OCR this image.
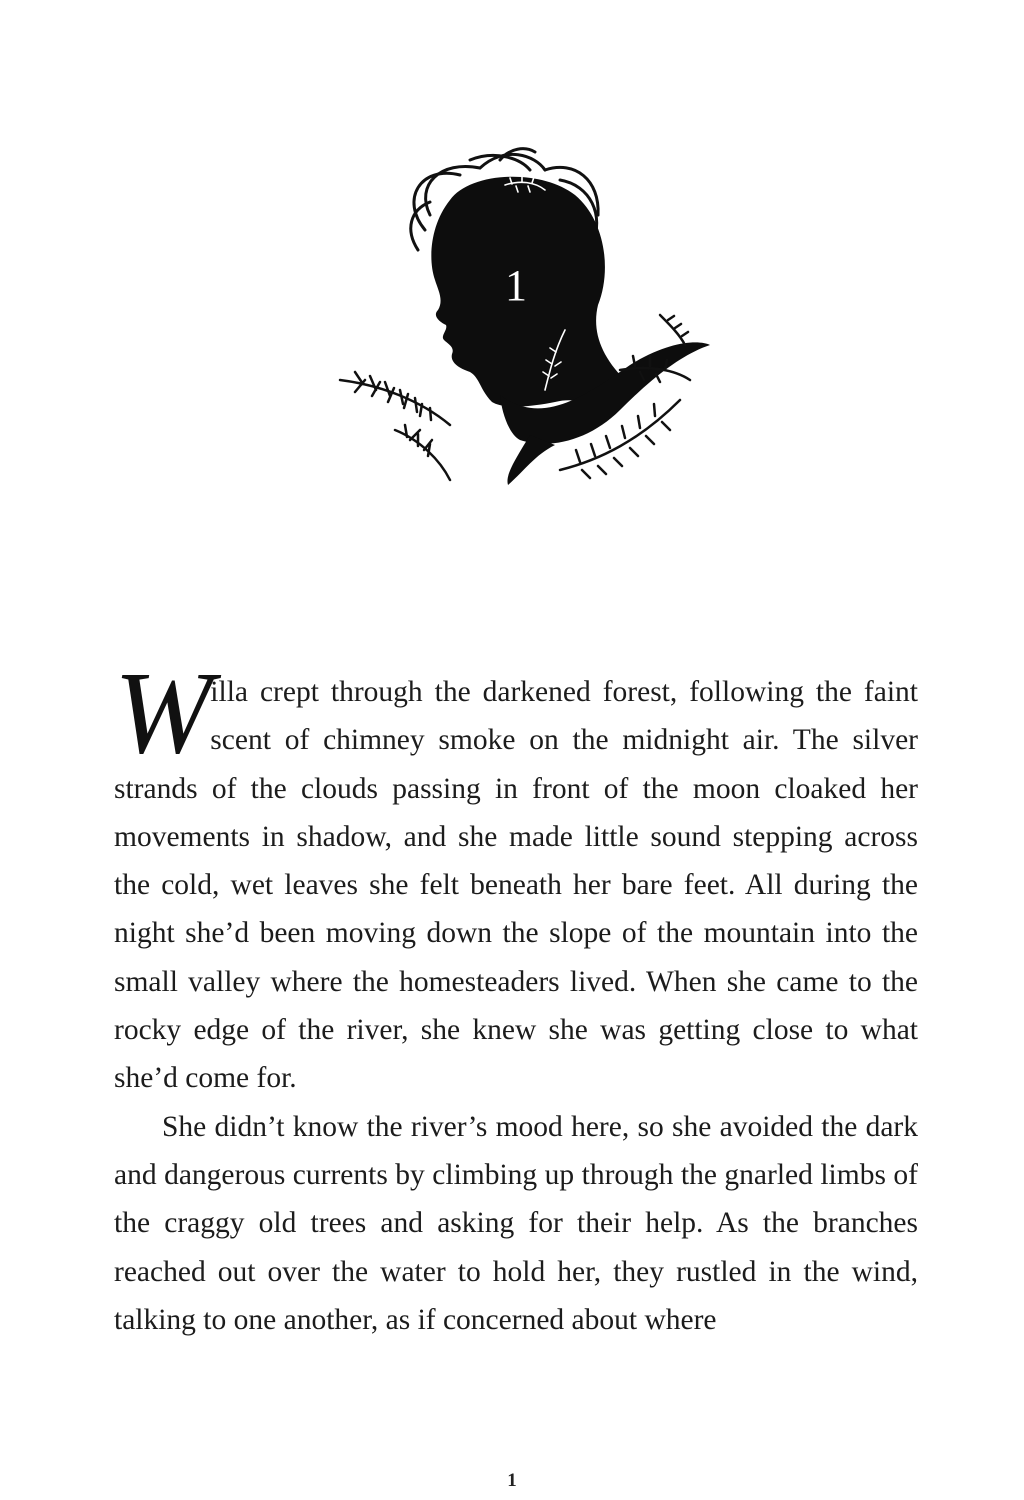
1

Willa crept through the darkened forest, following the faint scent of chimney smoke on the midnight air. The silver strands of the clouds passing in front of the moon cloaked her movements in shadow, and she made little sound stepping across the cold, wet leaves she felt beneath her bare feet. All during the night she’d been moving down the slope of the mountain into the small valley where the homesteaders lived. When she came to the rocky edge of the river, she knew she was getting close to what she’d come for.

She didn’t know the river’s mood here, so she avoided the dark and dangerous currents by climbing up through the gnarled limbs of the craggy old trees and asking for their help. As the branches reached out over the water to hold her, they rustled in the wind, talking to one another, as if concerned about where

1
